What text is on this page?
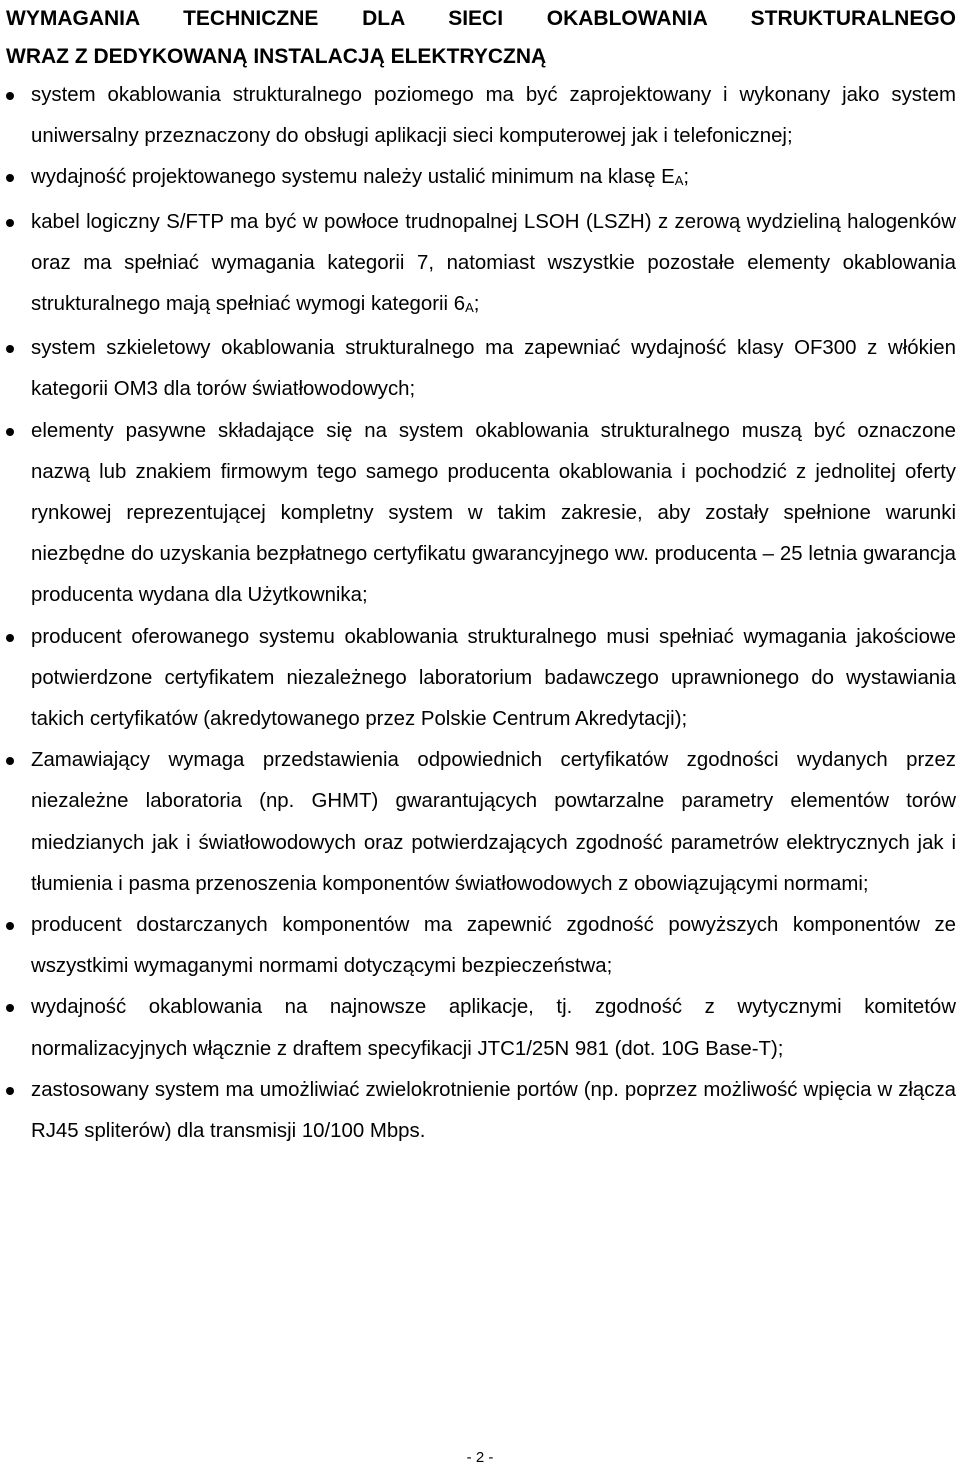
WYMAGANIA TECHNICZNE DLA SIECI OKABLOWANIA STRUKTURALNEGO
WRAZ Z DEDYKOWANĄ INSTALACJĄ ELEKTRYCZNĄ
system okablowania strukturalnego poziomego ma być zaprojektowany i wykonany jako system uniwersalny przeznaczony do obsługi aplikacji sieci komputerowej jak i telefonicznej;
wydajność projektowanego systemu należy ustalić minimum na klasę EA;
kabel logiczny S/FTP ma być w powłoce trudnopalnej LSOH (LSZH) z zerową wydzieliną halogenków oraz ma spełniać wymagania kategorii 7, natomiast wszystkie pozostałe elementy okablowania strukturalnego mają spełniać wymogi kategorii 6A;
system szkieletowy okablowania strukturalnego ma zapewniać wydajność klasy OF300 z włókien kategorii OM3 dla torów światłowodowych;
elementy pasywne składające się na system okablowania strukturalnego muszą być oznaczone nazwą lub znakiem firmowym tego samego producenta okablowania i pochodzić z jednolitej oferty rynkowej reprezentującej kompletny system w takim zakresie, aby zostały spełnione warunki niezbędne do uzyskania bezpłatnego certyfikatu gwarancyjnego ww. producenta – 25 letnia gwarancja producenta wydana dla Użytkownika;
producent oferowanego systemu okablowania strukturalnego musi spełniać wymagania jakościowe potwierdzone certyfikatem niezależnego laboratorium badawczego uprawnionego do wystawiania takich certyfikatów (akredytowanego przez Polskie Centrum Akredytacji);
Zamawiający wymaga przedstawienia odpowiednich certyfikatów zgodności wydanych przez niezależne laboratoria (np. GHMT) gwarantujących powtarzalne parametry elementów torów miedzianych jak i światłowodowych oraz potwierdzających zgodność parametrów elektrycznych jak i tłumienia i pasma przenoszenia komponentów światłowodowych z obowiązującymi normami;
producent dostarczanych komponentów ma zapewnić zgodność powyższych komponentów ze wszystkimi wymaganymi normami dotyczącymi bezpieczeństwa;
wydajność okablowania na najnowsze aplikacje, tj. zgodność z wytycznymi komitetów normalizacyjnych włącznie z draftem specyfikacji JTC1/25N 981 (dot. 10G Base-T);
zastosowany system ma umożliwiać zwielokrotnienie portów (np. poprzez możliwość wpięcia w złącza RJ45 spliterów) dla transmisji 10/100 Mbps.
- 2 -
